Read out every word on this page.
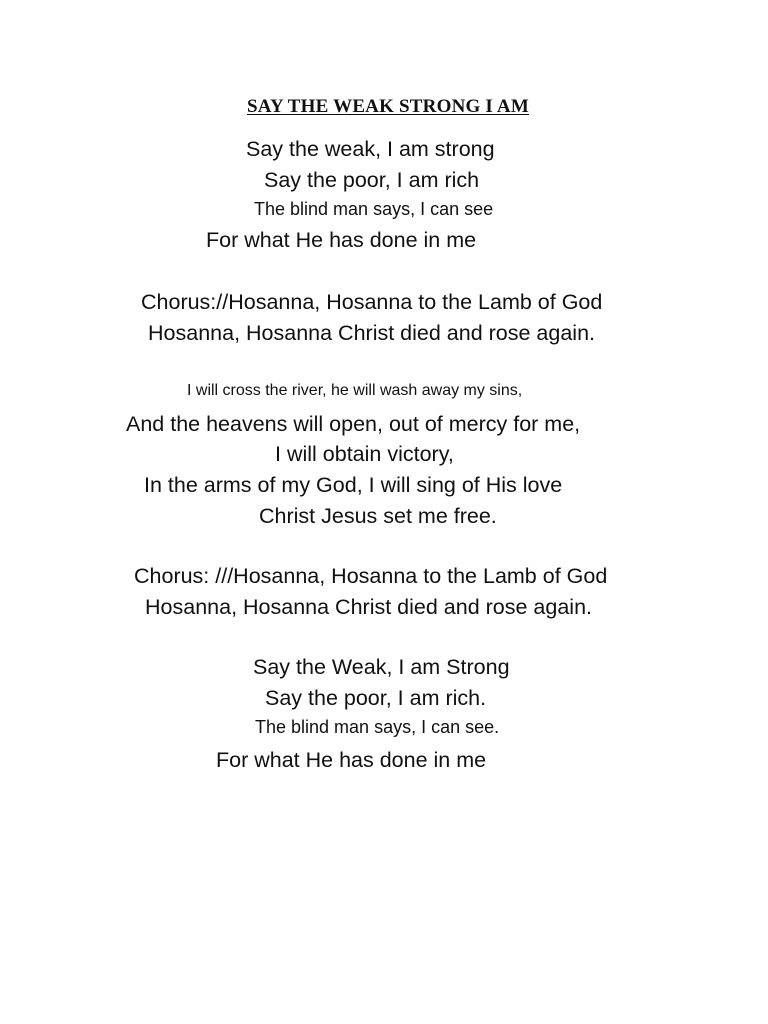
SAY THE WEAK STRONG I AM
Say the weak, I am strong
Say the poor, I am rich
The blind man says, I can see
For what He has done in me
Chorus://Hosanna, Hosanna to the Lamb of God
Hosanna, Hosanna Christ died and rose again.
I will cross the river, he will wash away my sins,
And the heavens will open, out of mercy for me,
I will obtain victory,
In the arms of my God, I will sing of His love
Christ Jesus set me free.
Chorus: ///Hosanna, Hosanna to the Lamb of God
Hosanna, Hosanna Christ died and rose again.
Say the Weak, I am Strong
Say the poor, I am rich.
The blind man says, I can see.
For what He has done in me
